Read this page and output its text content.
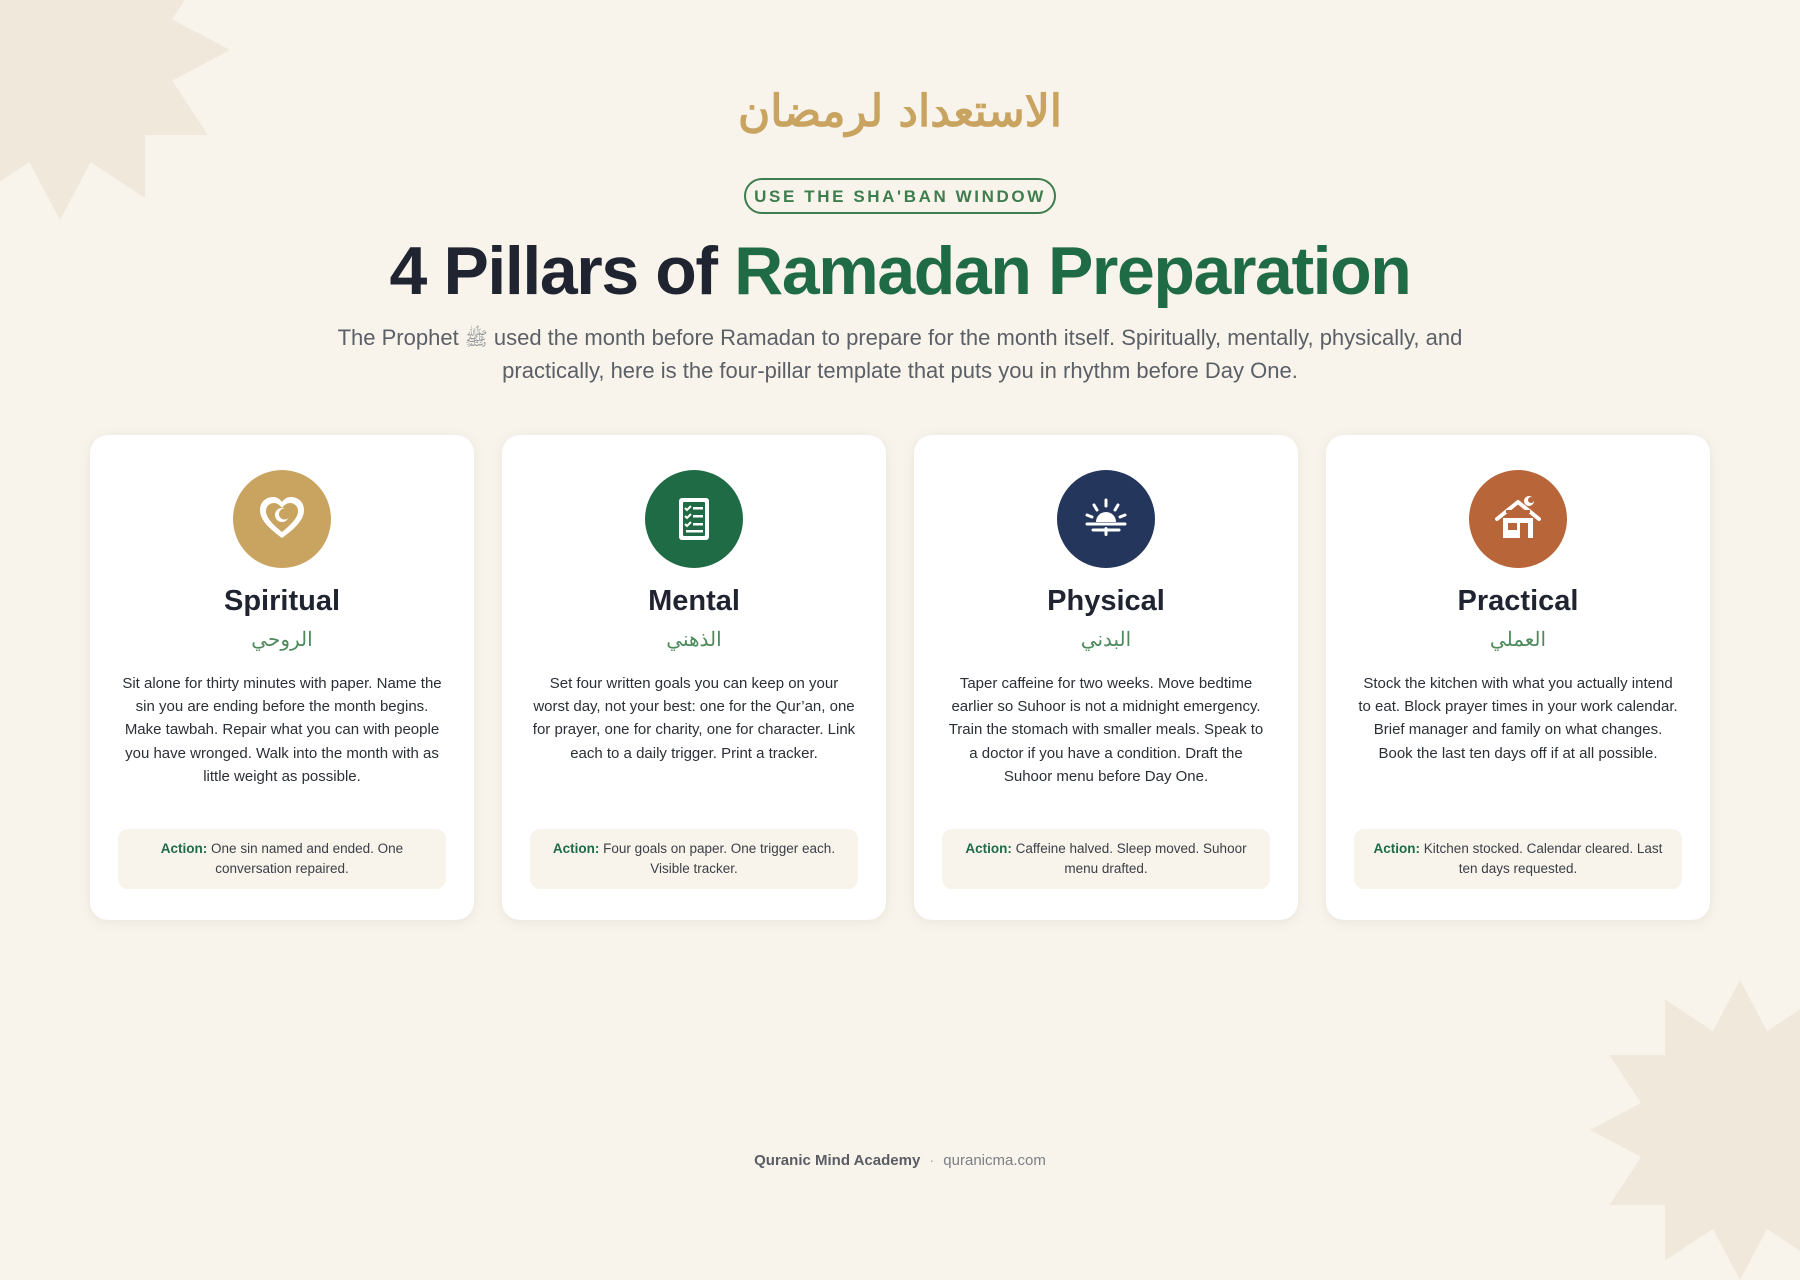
الاستعداد لرمضان
USE THE SHA'BAN WINDOW
4 Pillars of Ramadan Preparation
The Prophet ﷺ used the month before Ramadan to prepare for the month itself. Spiritually, mentally, physically, and practically, here is the four-pillar template that puts you in rhythm before Day One.
Spiritual
الروحي
Sit alone for thirty minutes with paper. Name the sin you are ending before the month begins. Make tawbah. Repair what you can with people you have wronged. Walk into the month with as little weight as possible.
Action: One sin named and ended. One conversation repaired.
Mental
الذهني
Set four written goals you can keep on your worst day, not your best: one for the Qur’an, one for prayer, one for charity, one for character. Link each to a daily trigger. Print a tracker.
Action: Four goals on paper. One trigger each. Visible tracker.
Physical
البدني
Taper caffeine for two weeks. Move bedtime earlier so Suhoor is not a midnight emergency. Train the stomach with smaller meals. Speak to a doctor if you have a condition. Draft the Suhoor menu before Day One.
Action: Caffeine halved. Sleep moved. Suhoor menu drafted.
Practical
العملي
Stock the kitchen with what you actually intend to eat. Block prayer times in your work calendar. Brief manager and family on what changes. Book the last ten days off if at all possible.
Action: Kitchen stocked. Calendar cleared. Last ten days requested.
Quranic Mind Academy · quranicma.com
